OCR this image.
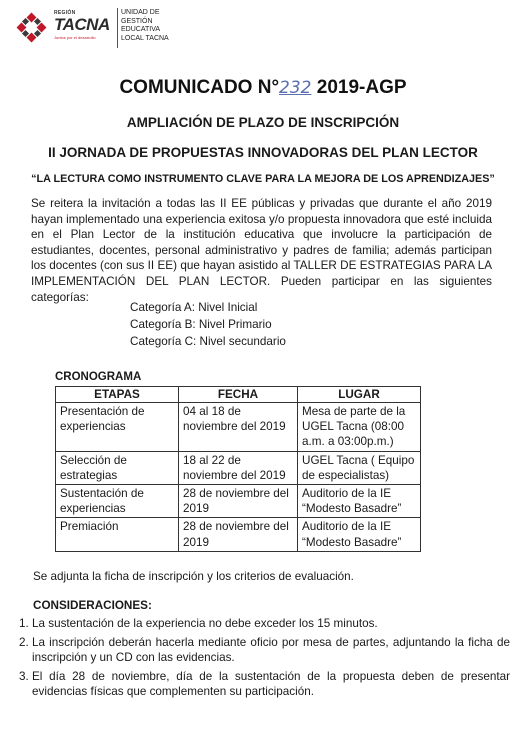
REGIÓN
TACNA
Juntos por el desarrollo
UNIDAD DE
GESTIÓN
EDUCATIVA
LOCAL TACNA
COMUNICADO N°232 2019-AGP
AMPLIACIÓN DE PLAZO DE INSCRIPCIÓN
II JORNADA DE PROPUESTAS INNOVADORAS DEL PLAN LECTOR
“LA LECTURA COMO INSTRUMENTO CLAVE PARA LA MEJORA DE LOS APRENDIZAJES”
Se reitera la invitación a todas las II EE públicas y privadas que durante el año 2019 hayan implementado una experiencia exitosa y/o propuesta innovadora que esté incluida en el Plan Lector de la institución educativa que involucre la participación de estudiantes, docentes, personal administrativo y padres de familia; además participan los docentes (con sus II EE) que hayan asistido al TALLER DE ESTRATEGIAS PARA LA IMPLEMENTACIÓN DEL PLAN LECTOR. Pueden participar en las siguientes categorías:
Categoría A: Nivel Inicial
Categoría B: Nivel Primario
Categoría C: Nivel secundario
CRONOGRAMA
ETAPAS	FECHA	LUGAR
Presentación de experiencias	04 al 18 de noviembre del 2019	Mesa de parte de la UGEL Tacna (08:00 a.m. a 03:00p.m.)
Selección de estrategias	18 al 22 de noviembre del 2019	UGEL Tacna ( Equipo de especialistas)
Sustentación de experiencias	28 de noviembre del 2019	Auditorio de la IE “Modesto Basadre”
Premiación	28 de noviembre del 2019	Auditorio de la IE “Modesto Basadre”
Se adjunta la ficha de inscripción y los criterios de evaluación.
CONSIDERACIONES:
1. La sustentación de la experiencia no debe exceder los 15 minutos.
2. La inscripción deberán hacerla mediante oficio por mesa de partes, adjuntando la ficha de inscripción y un CD con las evidencias.
3. El día 28 de noviembre, día de la sustentación de la propuesta deben de presentar evidencias físicas que complementen su participación.
